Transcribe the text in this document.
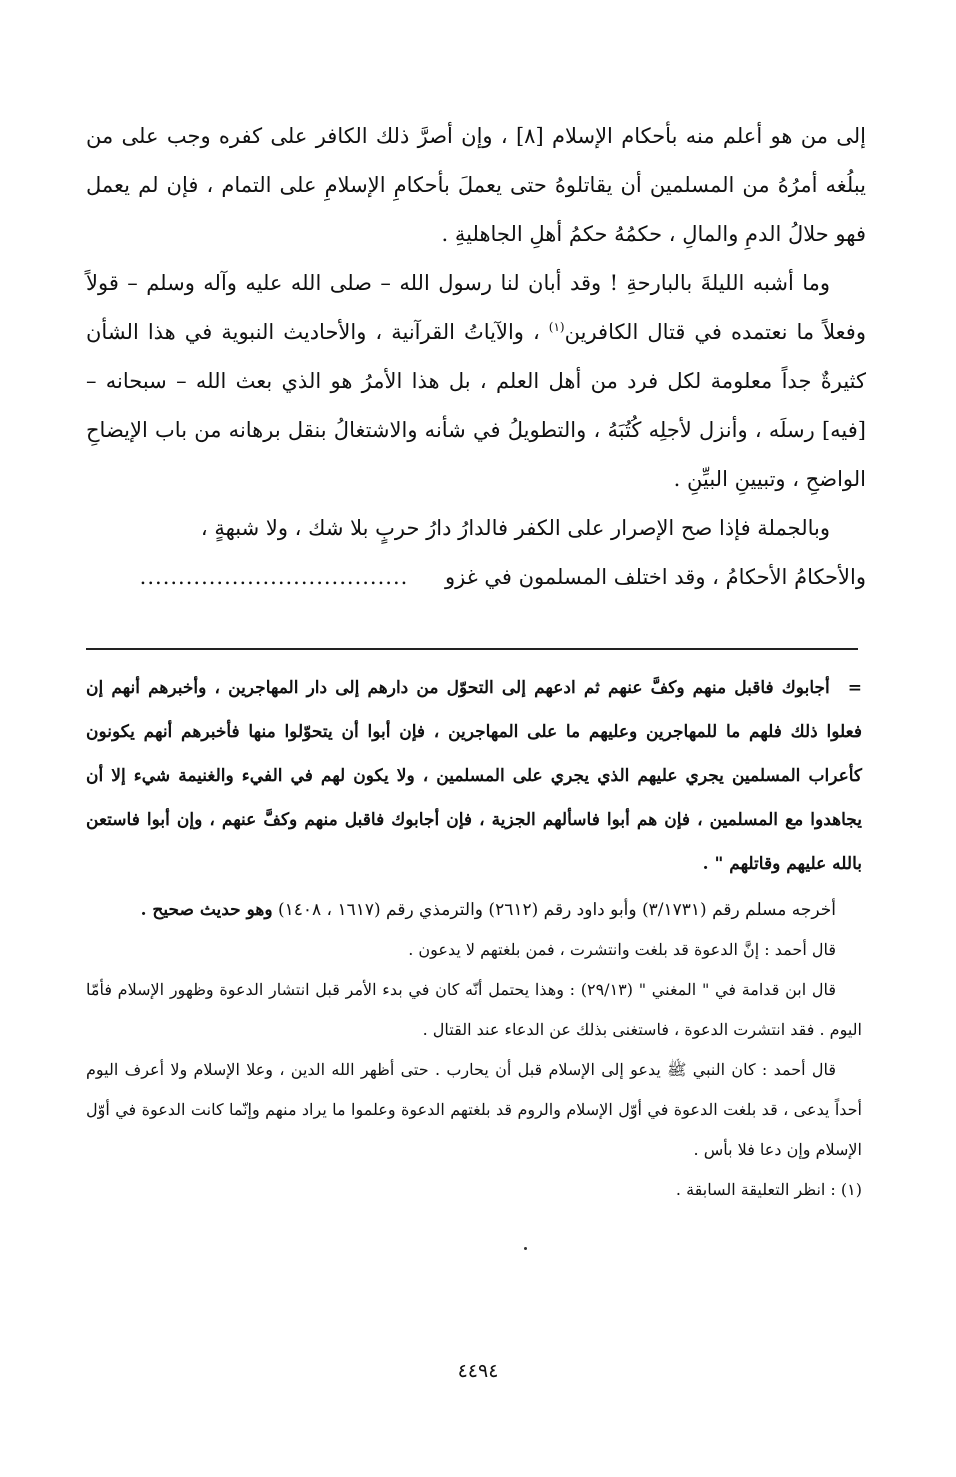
إلى من هو أعلم منه بأحكام الإسلام [٨] ، وإن أصرَّ ذلك الكافر على كفره وجب على من يبلُغه أمرُهُ من المسلمين أن يقاتلوهُ حتى يعملَ بأحكامِ الإسلامِ على التمام ، فإن لم يعمل فهو حلالُ الدمِ والمالِ ، حكمُهُ حكمُ أهلِ الجاهليةِ .

وما أشبه الليلةَ بالبارحةِ ! وقد أبان لنا رسول الله – صلى الله عليه وآله وسلم – قولاً وفعلاً ما نعتمده في قتال الكافرين$^{(١)}$ ، والآياتُ القرآنية ، والأحاديث النبوية في هذا الشأن كثيرةٌ جداً معلومة لكل فرد من أهل العلم ، بل هذا الأمرُ هو الذي بعث الله – سبحانه – [فيه] رسلَه ، وأنزل لأجلِه كُتُبَهُ ، والتطويلُ في شأنه والاشتغالُ بنقل برهانه من باب الإيضاحِ الواضحِ ، وتبيينِ البيِّنِ .

وبالجملة فإذا صح الإصرار على الكفر فالدارُ دارُ حربٍ بلا شك ، ولا شبهةٍ ،

والأحكامُ الأحكامُ ، وقد اختلف المسلمون في غزو ...................................

=أجابوك فاقبل منهم وكفَّ عنهم ثم ادعهم إلى التحوّل من دارهم إلى دار المهاجرين ، وأخبرهم أنهم إن فعلوا ذلك فلهم ما للمهاجرين وعليهم ما على المهاجرين ، فإن أبوا أن يتحوّلوا منها فأخبرهم أنهم يكونون كأعراب المسلمين يجري عليهم الذي يجري على المسلمين ، ولا يكون لهم في الفيء والغنيمة شيء إلا أن يجاهدوا مع المسلمين ، فإن هم أبوا فاسألهم الجزية ، فإن أجابوك فاقبل منهم وكفَّ عنهم ، وإن أبوا فاستعن بالله عليهم وقاتلهم " .

أخرجه مسلم رقم (٣/١٧٣١) وأبو داود رقم (٢٦١٢) والترمذي رقم (١٦١٧ ، ١٤٠٨) وهو حديث صحيح .

قال أحمد : إنَّ الدعوة قد بلغت وانتشرت ، فمن بلغتهم لا يدعون .

قال ابن قدامة في " المغني " (٢٩/١٣) : وهذا يحتمل أنّه كان في بدء الأمر قبل انتشار الدعوة وظهور الإسلام فأمّا اليوم . فقد انتشرت الدعوة ، فاستغنى بذلك عن الدعاء عند القتال .

قال أحمد : كان النبي ﷺ يدعو إلى الإسلام قبل أن يحارب . حتى أظهر الله الدين ، وعلا الإسلام ولا أعرف اليوم أحداً يدعى ، قد بلغت الدعوة في أوّل الإسلام والروم قد بلغتهم الدعوة وعلموا ما يراد منهم وإنّما كانت الدعوة في أوّل الإسلام وإن دعا فلا بأس .

(١) : انظر التعليقة السابقة .

٤٤٩٤
